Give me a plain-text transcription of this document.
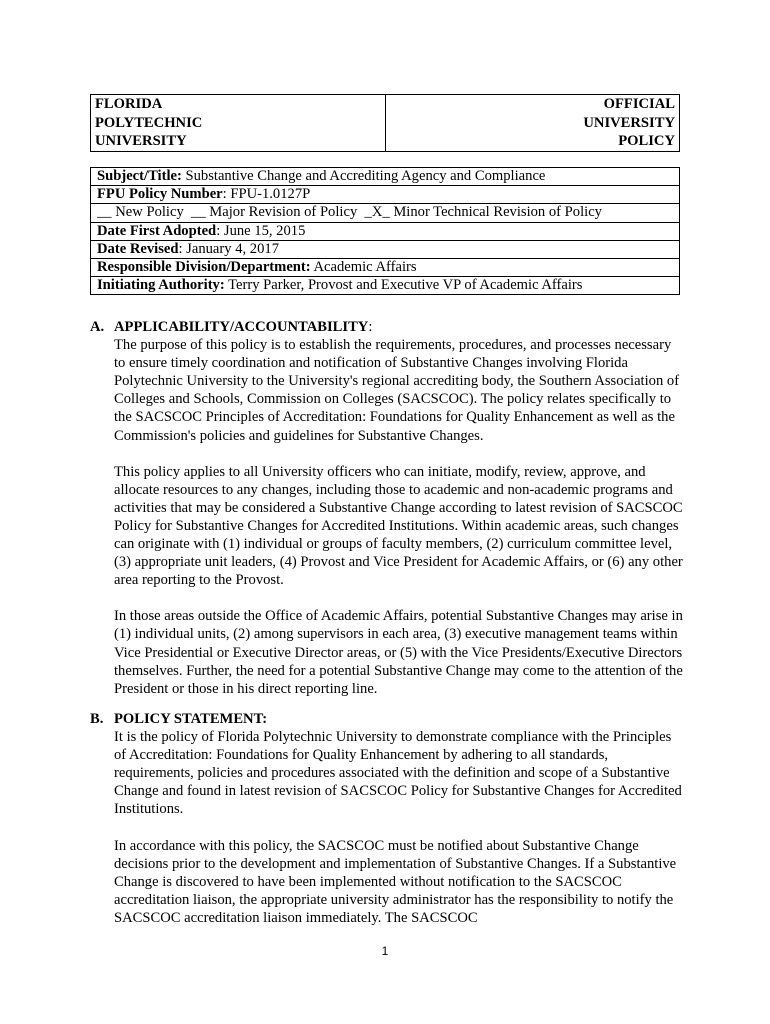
FLORIDA
POLYTECHNIC
UNIVERSITY

OFFICIAL
UNIVERSITY
POLICY
Subject/Title: Substantive Change and Accrediting Agency and Compliance
FPU Policy Number: FPU-1.0127P
__ New Policy  __ Major Revision of Policy  _X_ Minor Technical Revision of Policy
Date First Adopted: June 15, 2015
Date Revised: January 4, 2017
Responsible Division/Department: Academic Affairs
Initiating Authority: Terry Parker, Provost and Executive VP of Academic Affairs
A. APPLICABILITY/ACCOUNTABILITY:

The purpose of this policy is to establish the requirements, procedures, and processes necessary to ensure timely coordination and notification of Substantive Changes involving Florida Polytechnic University to the University's regional accrediting body, the Southern Association of Colleges and Schools, Commission on Colleges (SACSCOC). The policy relates specifically to the SACSCOC Principles of Accreditation: Foundations for Quality Enhancement as well as the Commission's policies and guidelines for Substantive Changes.

This policy applies to all University officers who can initiate, modify, review, approve, and allocate resources to any changes, including those to academic and non-academic programs and activities that may be considered a Substantive Change according to latest revision of SACSCOC Policy for Substantive Changes for Accredited Institutions. Within academic areas, such changes can originate with (1) individual or groups of faculty members, (2) curriculum committee level, (3) appropriate unit leaders, (4) Provost and Vice President for Academic Affairs, or (6) any other area reporting to the Provost.

In those areas outside the Office of Academic Affairs, potential Substantive Changes may arise in (1) individual units, (2) among supervisors in each area, (3) executive management teams within Vice Presidential or Executive Director areas, or (5) with the Vice Presidents/Executive Directors themselves. Further, the need for a potential Substantive Change may come to the attention of the President or those in his direct reporting line.

B. POLICY STATEMENT:

It is the policy of Florida Polytechnic University to demonstrate compliance with the Principles of Accreditation: Foundations for Quality Enhancement by adhering to all standards, requirements, policies and procedures associated with the definition and scope of a Substantive Change and found in latest revision of SACSCOC Policy for Substantive Changes for Accredited Institutions.

In accordance with this policy, the SACSCOC must be notified about Substantive Change decisions prior to the development and implementation of Substantive Changes. If a Substantive Change is discovered to have been implemented without notification to the SACSCOC accreditation liaison, the appropriate university administrator has the responsibility to notify the SACSCOC accreditation liaison immediately. The SACSCOC

1
